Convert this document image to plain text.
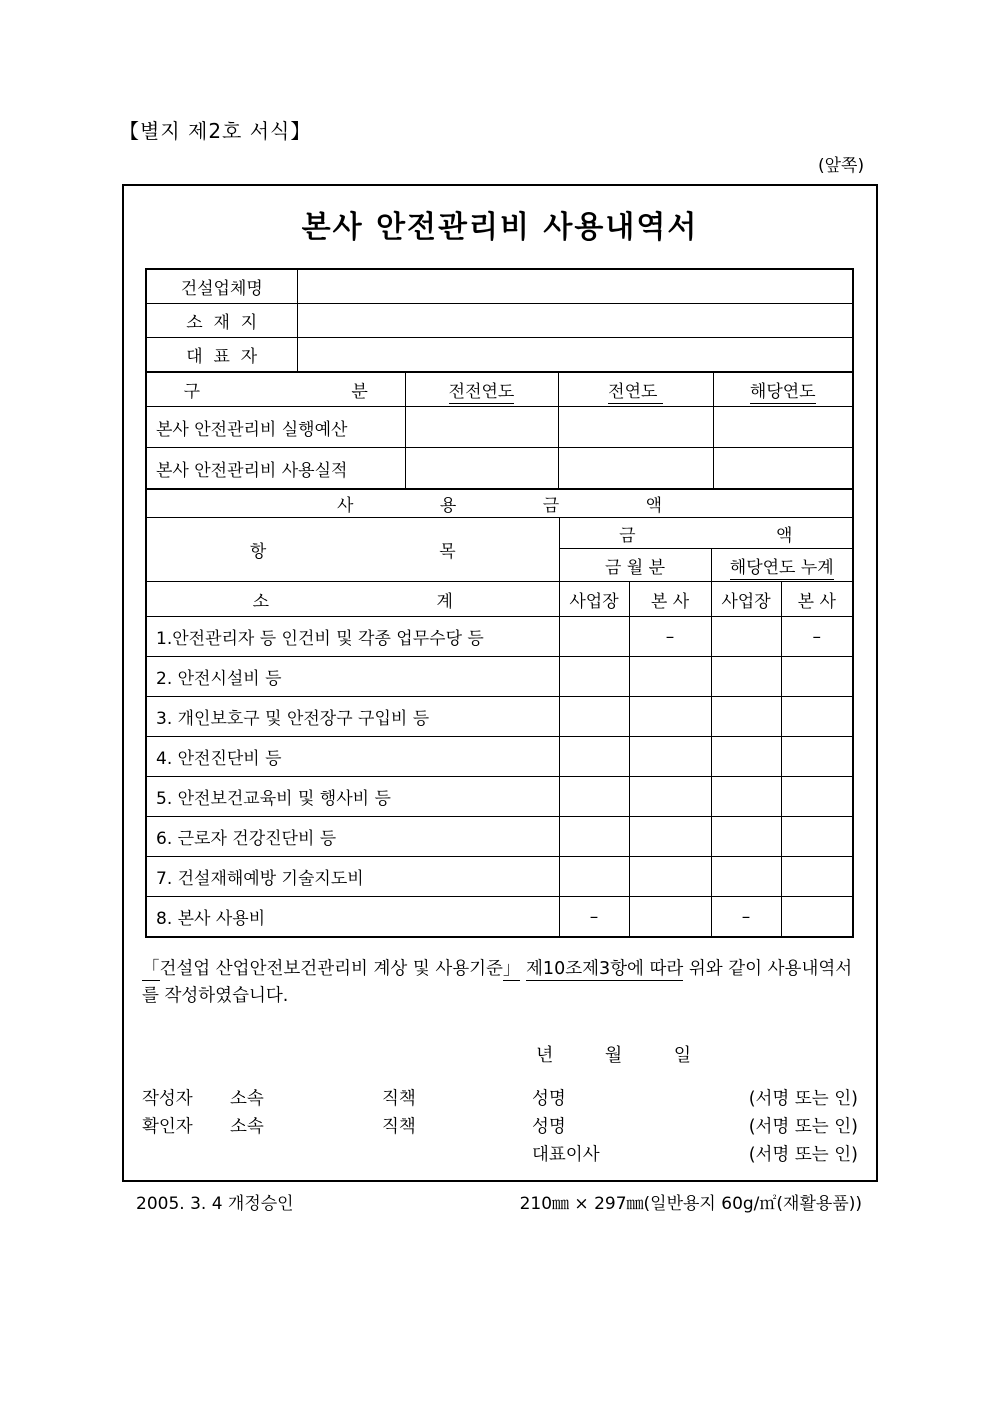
【별지 제2호 서식】
(앞쪽)
본사 안전관리비 사용내역서
건설업체명	
소  재  지	
대  표  자	
구                            분	전전연도	전연도	해당연도
본사 안전관리비 실행예산			
본사 안전관리비 사용실적			
사                용                금                액				
항                                목	금                          액			
	금 월 분		해당연도 누계	
소                               계	사업장	본 사	사업장	본 사
1.안전관리자 등 인건비 및 각종 업무수당 등		–		–
2. 안전시설비 등				
3. 개인보호구 및 안전장구 구입비 등				
4. 안전진단비 등				
5. 안전보건교육비 및 행사비 등				
6. 근로자 건강진단비 등				
7. 건설재해예방 기술지도비				
8. 본사 사용비	–		–	
「건설업 산업안전보건관리비 계상 및 사용기준」 제10조제3항에 따라 위와 같이 사용내역서를 작성하였습니다.
년         월         일
작성자	소속	직책	성명	(서명 또는 인)
확인자	소속	직책	성명	(서명 또는 인)
대표이사	(서명 또는 인)
2005. 3. 4 개정승인	210㎜ × 297㎜(일반용지 60g/㎡(재활용품))
